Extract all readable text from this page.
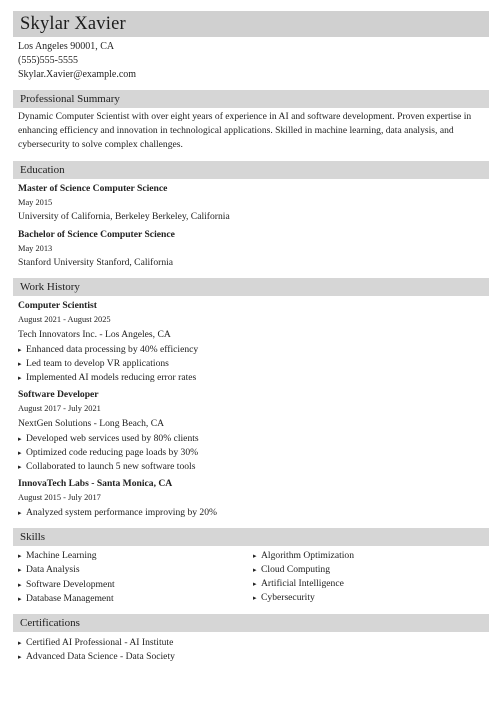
Skylar Xavier
Los Angeles 90001, CA
(555)555-5555
Skylar.Xavier@example.com
Professional Summary
Dynamic Computer Scientist with over eight years of experience in AI and software development. Proven expertise in
enhancing efficiency and innovation in technological applications. Skilled in machine learning, data analysis, and
cybersecurity to solve complex challenges.
Education
Master of Science Computer Science
May 2015
University of California, Berkeley Berkeley, California
Bachelor of Science Computer Science
May 2013
Stanford University Stanford, California
Work History
Computer Scientist
August 2021 - August 2025
Tech Innovators Inc. - Los Angeles, CA
▸ Enhanced data processing by 40% efficiency
▸ Led team to develop VR applications
▸ Implemented AI models reducing error rates
Software Developer
August 2017 - July 2021
NextGen Solutions - Long Beach, CA
▸ Developed web services used by 80% clients
▸ Optimized code reducing page loads by 30%
▸ Collaborated to launch 5 new software tools
InnovaTech Labs - Santa Monica, CA
August 2015 - July 2017
▸ Analyzed system performance improving by 20%
Skills
▸ Machine Learning
▸ Data Analysis
▸ Software Development
▸ Database Management
▸ Algorithm Optimization
▸ Cloud Computing
▸ Artificial Intelligence
▸ Cybersecurity
Certifications
▸ Certified AI Professional - AI Institute
▸ Advanced Data Science - Data Society
